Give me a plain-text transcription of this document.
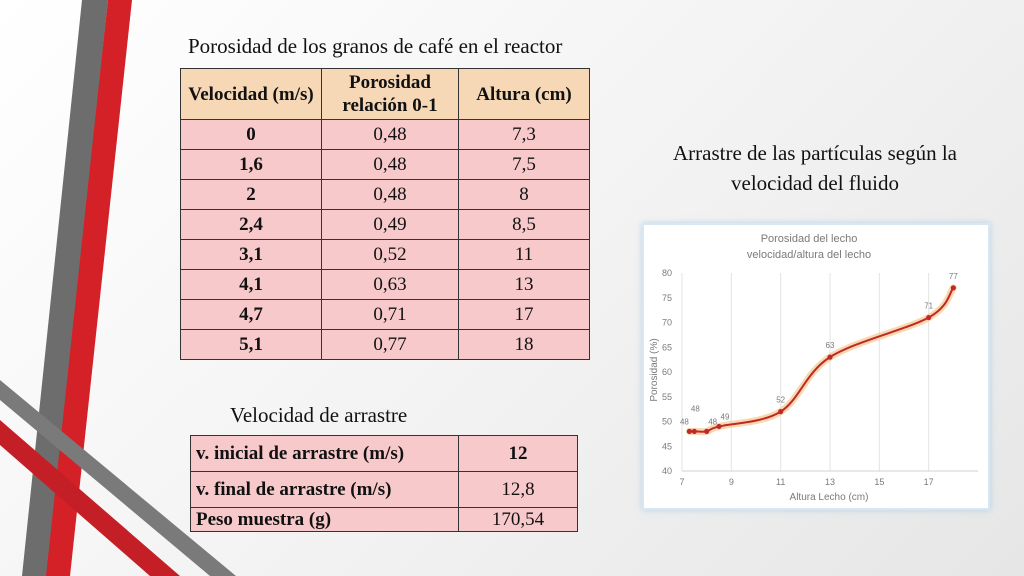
Porosidad de los granos de café en el reactor
Velocidad (m/s)	Porosidad relación 0-1	Altura (cm)
0	0,48	7,3
1,6	0,48	7,5
2	0,48	8
2,4	0,49	8,5
3,1	0,52	11
4,1	0,63	13
4,7	0,71	17
5,1	0,77	18
Velocidad de arrastre
v. inicial de arrastre (m/s)	12
v. final de arrastre (m/s)	12,8
Peso muestra (g)	170,54
Arrastre de las partículas según la velocidad del fluido
Porosidad del lecho
velocidad/altura del lecho
Altura Lecho (cm)
Porosidad (%)
7	9	11	13	15	17
40
45
50
55
60
65
70
75
80
48
48
48
49
52
63
71
77
